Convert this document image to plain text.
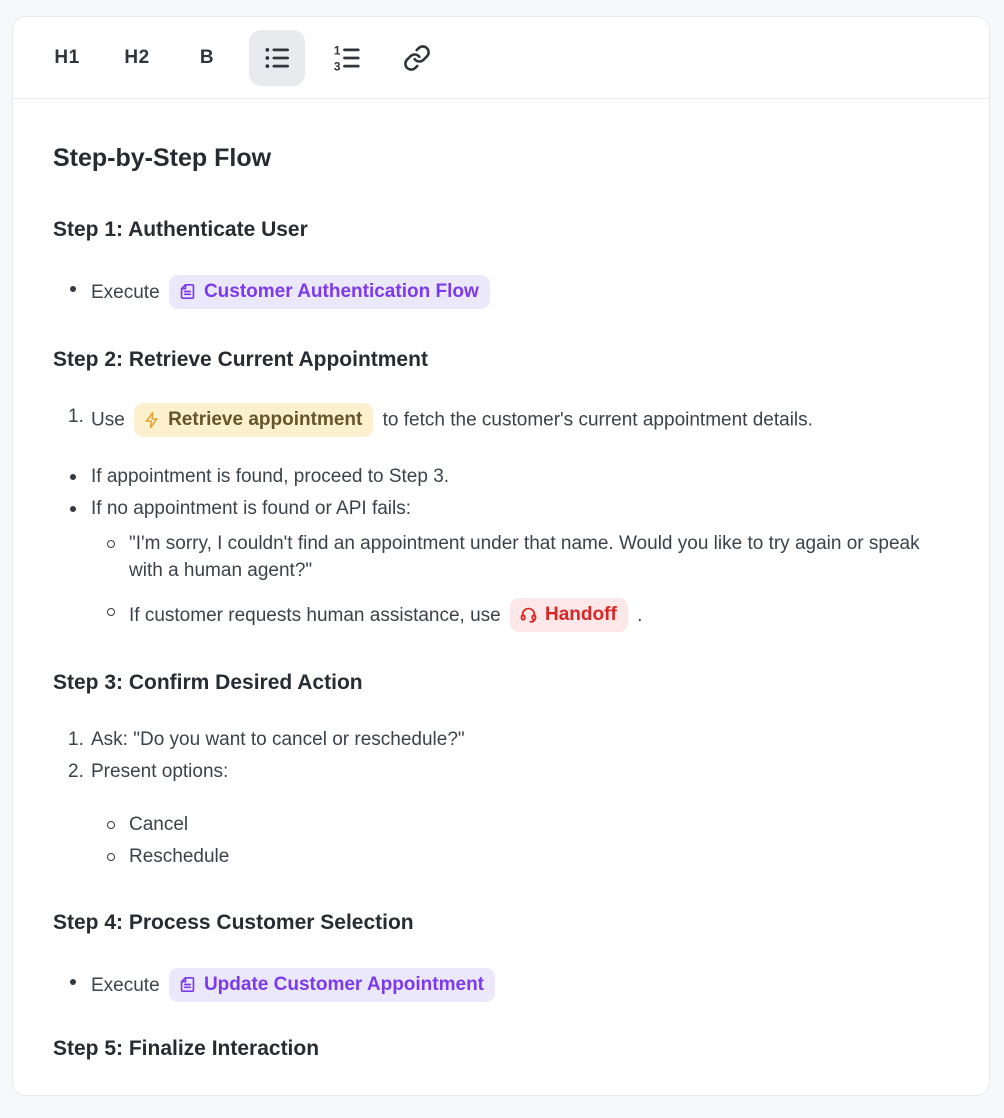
H1	H2	B	1
3
Step-by-Step Flow
Step 1: Authenticate User
Execute Customer Authentication Flow
Step 2: Retrieve Current Appointment
Use Retrieve appointment to fetch the customer's current appointment details.
If appointment is found, proceed to Step 3.
If no appointment is found or API fails:
"I'm sorry, I couldn't find an appointment under that name. Would you like to try again or speak with a human agent?"
If customer requests human assistance, use Handoff .
Step 3: Confirm Desired Action
Ask: "Do you want to cancel or reschedule?"
Present options:
Cancel
Reschedule
Step 4: Process Customer Selection
Execute Update Customer Appointment
Step 5: Finalize Interaction
